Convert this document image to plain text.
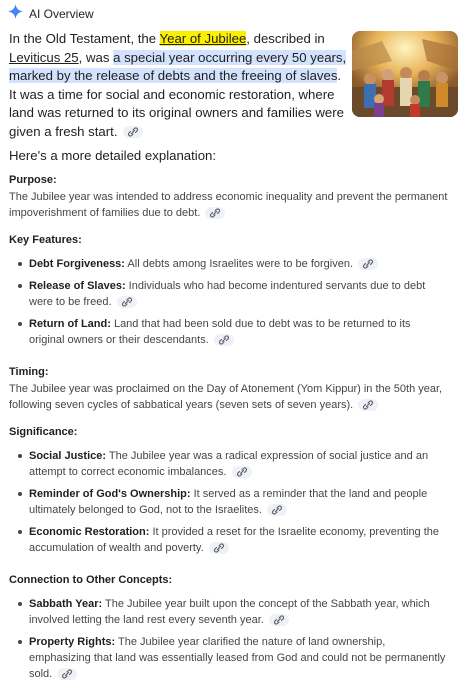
AI Overview
In the Old Testament, the Year of Jubilee, described in Leviticus 25, was a special year occurring every 50 years, marked by the release of debts and the freeing of slaves. It was a time for social and economic restoration, where land was returned to its original owners and families were given a fresh start.
Here's a more detailed explanation:
Purpose:

The Jubilee year was intended to address economic inequality and prevent the permanent impoverishment of families due to debt.

Key Features:
Debt Forgiveness: All debts among Israelites were to be forgiven.
Release of Slaves: Individuals who had become indentured servants due to debt were to be freed.
Return of Land: Land that had been sold due to debt was to be returned to its original owners or their descendants.
Timing:

The Jubilee year was proclaimed on the Day of Atonement (Yom Kippur) in the 50th year, following seven cycles of sabbatical years (seven sets of seven years).

Significance:
Social Justice: The Jubilee year was a radical expression of social justice and an attempt to correct economic imbalances.
Reminder of God's Ownership: It served as a reminder that the land and people ultimately belonged to God, not to the Israelites.
Economic Restoration: It provided a reset for the Israelite economy, preventing the accumulation of wealth and poverty.
Connection to Other Concepts:
Sabbath Year: The Jubilee year built upon the concept of the Sabbath year, which involved letting the land rest every seventh year.
Property Rights: The Jubilee year clarified the nature of land ownership, emphasizing that land was essentially leased from God and could not be permanently sold.
